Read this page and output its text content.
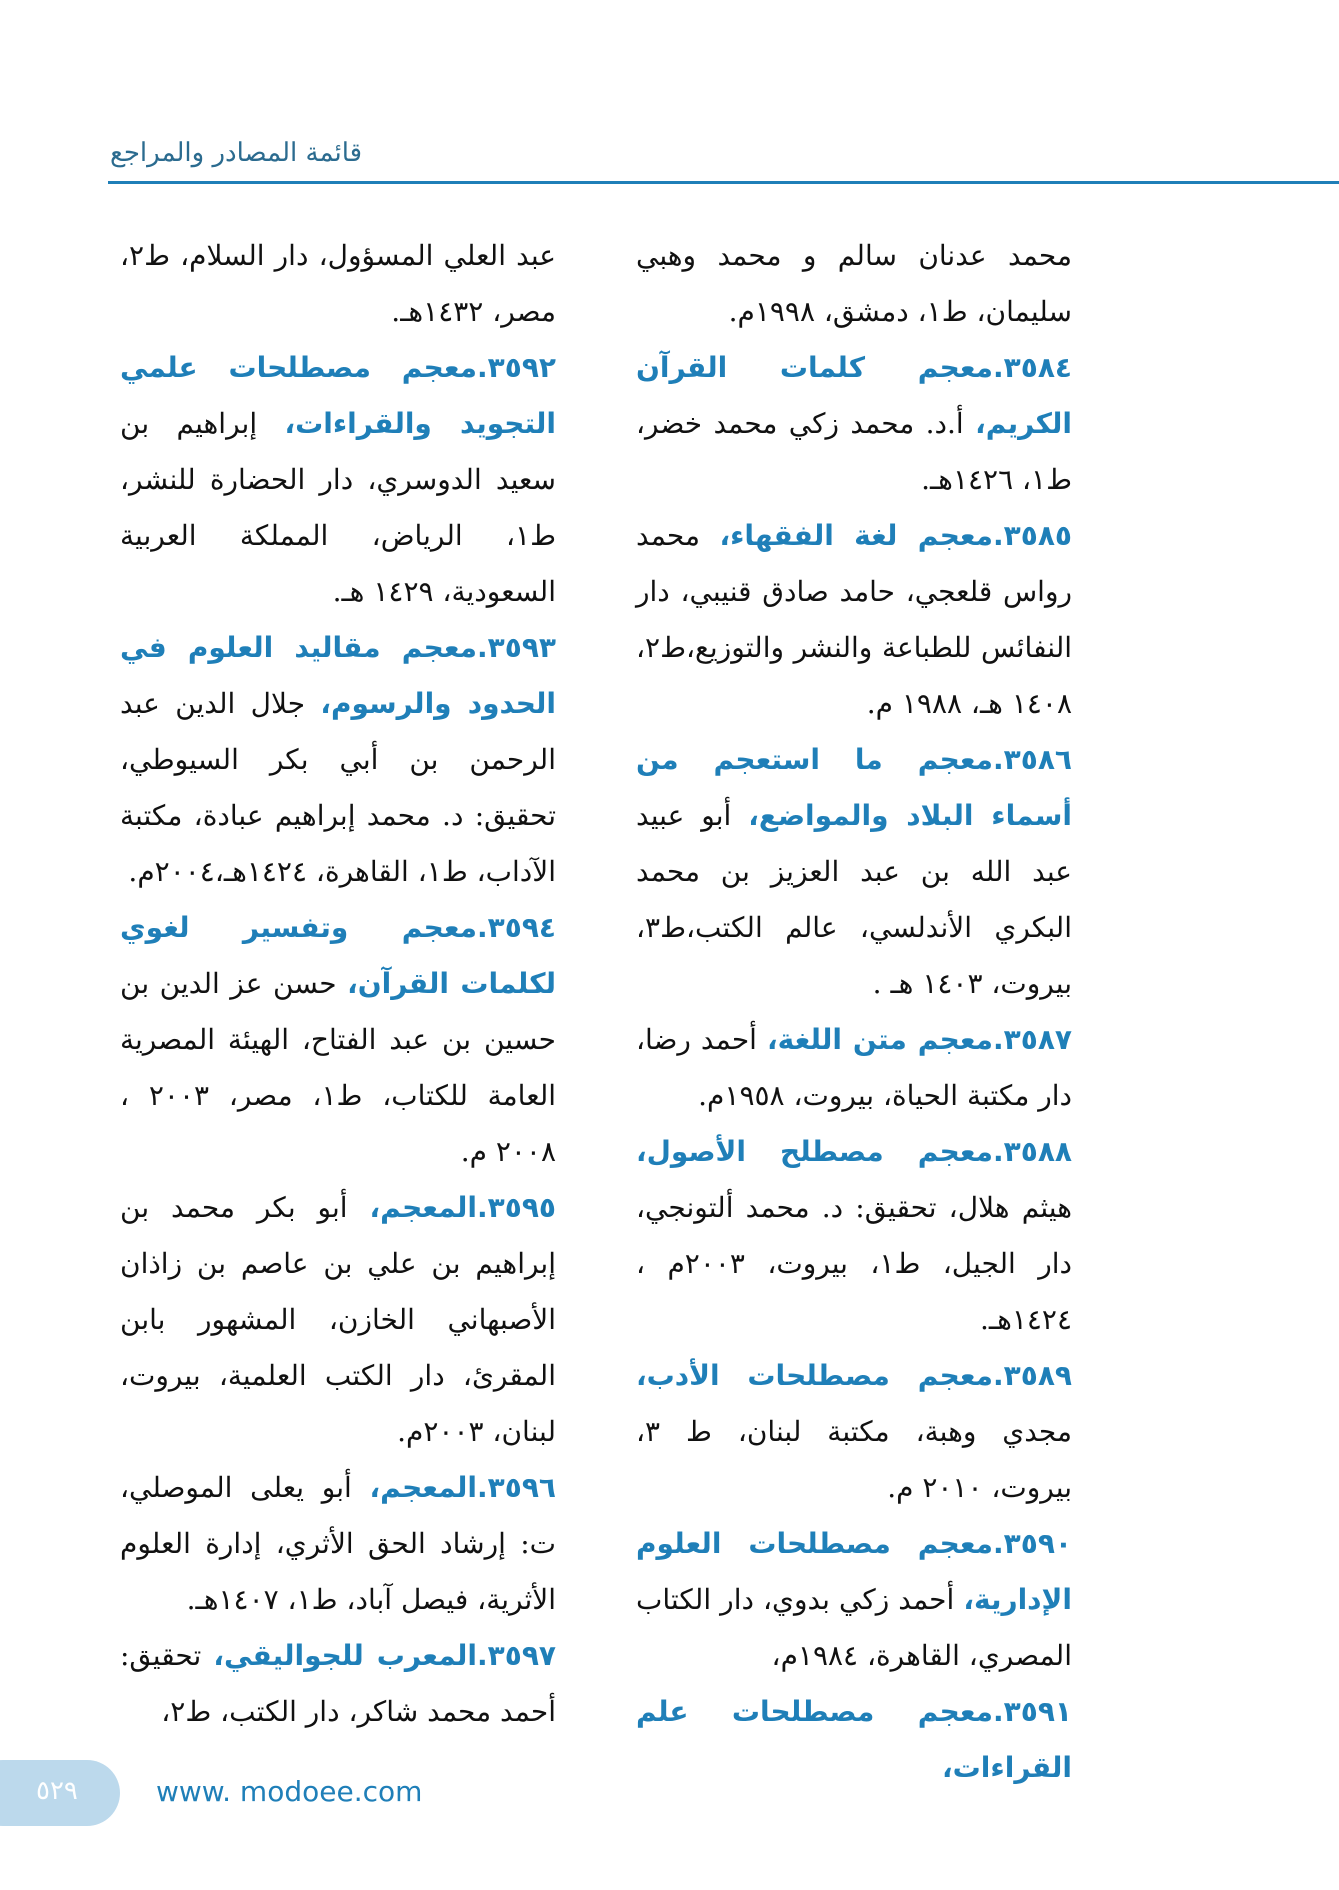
قائمة المصادر والمراجع

محمد عدنان سالم و محمد وهبي سليمان، ط١، دمشق، ١٩٩٨م.

٣٥٨٤.معجم كلمات القرآن الكريم، أ.د. محمد زكي محمد خضر، ط١، ١٤٢٦هـ.

٣٥٨٥.معجم لغة الفقهاء، محمد رواس قلعجي، حامد صادق قنيبي، دار النفائس للطباعة والنشر والتوزيع،ط٢، ١٤٠٨ هـ، ١٩٨٨ م.

٣٥٨٦.معجم ما استعجم من أسماء البلاد والمواضع، أبو عبيد عبد الله بن عبد العزيز بن محمد البكري الأندلسي، عالم الكتب،ط٣، بيروت، ١٤٠٣ هـ .

٣٥٨٧.معجم متن اللغة، أحمد رضا، دار مكتبة الحياة، بيروت، ١٩٥٨م.

٣٥٨٨.معجم مصطلح الأصول، هيثم هلال، تحقيق: د. محمد ألتونجي، دار الجيل، ط١، بيروت، ٢٠٠٣م ، ١٤٢٤هـ.

٣٥٨٩.معجم مصطلحات الأدب، مجدي وهبة، مكتبة لبنان، ط ٣، بيروت، ٢٠١٠ م.

٣٥٩٠.معجم مصطلحات العلوم الإدارية، أحمد زكي بدوي، دار الكتاب المصري، القاهرة، ١٩٨٤م،

٣٥٩١.معجم مصطلحات علم القراءات،

عبد العلي المسؤول، دار السلام، ط٢، مصر، ١٤٣٢هـ.

٣٥٩٢.معجم مصطلحات علمي التجويد والقراءات، إبراهيم بن سعيد الدوسري، دار الحضارة للنشر، ط١، الرياض، المملكة العربية السعودية، ١٤٢٩ هـ.

٣٥٩٣.معجم مقاليد العلوم في الحدود والرسوم، جلال الدين عبد الرحمن بن أبي بكر السيوطي، تحقيق: د. محمد إبراهيم عبادة، مكتبة الآداب، ط١، القاهرة، ١٤٢٤هـ،٢٠٠٤م.

٣٥٩٤.معجم وتفسير لغوي لكلمات القرآن، حسن عز الدين بن حسين بن عبد الفتاح، الهيئة المصرية العامة للكتاب، ط١، مصر، ٢٠٠٣ ، ٢٠٠٨ م.

٣٥٩٥.المعجم، أبو بكر محمد بن إبراهيم بن علي بن عاصم بن زاذان الأصبهاني الخازن، المشهور بابن المقرئ، دار الكتب العلمية، بيروت، لبنان، ٢٠٠٣م.

٣٥٩٦.المعجم، أبو يعلى الموصلي، ت: إرشاد الحق الأثري، إدارة العلوم الأثرية، فيصل آباد، ط١، ١٤٠٧هـ.

٣٥٩٧.المعرب للجواليقي، تحقيق: أحمد محمد شاكر، دار الكتب، ط٢،

٥٢٩	www. modoee.com
